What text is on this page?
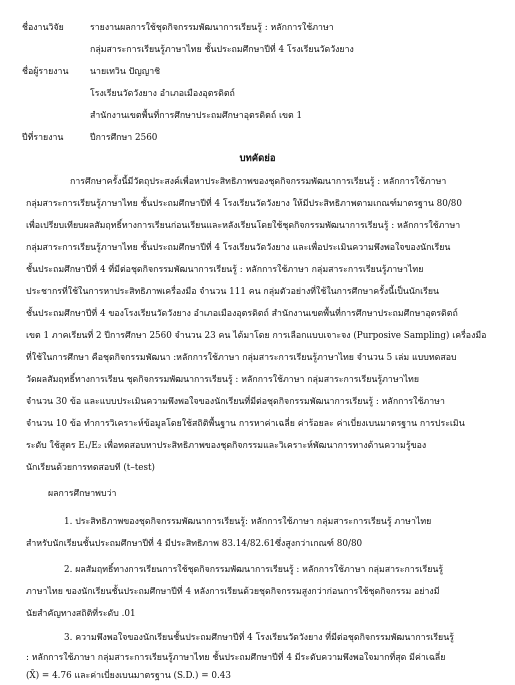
ชื่องานวิจัย	รายงานผลการใช้ชุดกิจกรรมพัฒนาการเรียนรู้ : หลักการใช้ภาษา
กลุ่มสาระการเรียนรู้ภาษาไทย ชั้นประถมศึกษาปีที่ 4 โรงเรียนวัดวังยาง
ชื่อผู้รายงาน นายเทวิน ปัญญาชิ
โรงเรียนวัดวังยาง อำเภอเมืองอุตรดิตถ์
สำนักงานเขตพื้นที่การศึกษาประถมศึกษาอุตรดิตถ์ เขต 1
ปีที่รายงาน	ปีการศึกษา 2560
บทคัดย่อ
การศึกษาครั้งนี้มีวัตถุประสงค์เพื่อหาประสิทธิภาพของชุดกิจกรรมพัฒนาการเรียนรู้ : หลักการใช้ภาษา
กลุ่มสาระการเรียนรู้ภาษาไทย ชั้นประถมศึกษาปีที่ 4 โรงเรียนวัดวังยาง ให้มีประสิทธิภาพตามเกณฑ์มาตรฐาน 80/80
เพื่อเปรียบเทียบผลสัมฤทธิ์ทางการเรียนก่อนเรียนและหลังเรียนโดยใช้ชุดกิจกรรมพัฒนาการเรียนรู้ : หลักการใช้ภาษา
กลุ่มสาระการเรียนรู้ภาษาไทย ชั้นประถมศึกษาปีที่ 4 โรงเรียนวัดวังยาง และเพื่อประเมินความพึงพอใจของนักเรียน
ชั้นประถมศึกษาปีที่ 4 ที่มีต่อชุดกิจกรรมพัฒนาการเรียนรู้ : หลักการใช้ภาษา กลุ่มสาระการเรียนรู้ภาษาไทย
ประชากรที่ใช้ในการหาประสิทธิภาพเครื่องมือ จำนวน 111 คน กลุ่มตัวอย่างที่ใช้ในการศึกษาครั้งนี้เป็นนักเรียน
ชั้นประถมศึกษาปีที่ 4 ของโรงเรียนวัดวังยาง อำเภอเมืองอุตรดิตถ์ สำนักงานเขตพื้นที่การศึกษาประถมศึกษาอุตรดิตถ์
เขต 1 ภาคเรียนที่ 2 ปีการศึกษา 2560 จำนวน 23 คน ได้มาโดย การเลือกแบบเจาะจง (Purposive Sampling) เครื่องมือ
ที่ใช้ในการศึกษา คือชุดกิจกรรมพัฒนา :หลักการใช้ภาษา กลุ่มสาระการเรียนรู้ภาษาไทย จำนวน 5 เล่ม แบบทดสอบ
วัดผลสัมฤทธิ์ทางการเรียน ชุดกิจกรรมพัฒนาการเรียนรู้ : หลักการใช้ภาษา กลุ่มสาระการเรียนรู้ภาษาไทย
จำนวน 30 ข้อ และแบบประเมินความพึงพอใจของนักเรียนที่มีต่อชุดกิจกรรมพัฒนาการเรียนรู้ : หลักการใช้ภาษา
จำนวน 10 ข้อ ทำการวิเคราะห์ข้อมูลโดยใช้สถิติพื้นฐาน การหาค่าเฉลี่ย ค่าร้อยละ ค่าเบี่ยงเบนมาตรฐาน การประเมิน
ระดับ ใช้สูตร E₁/E₂ เพื่อทดสอบหาประสิทธิภาพของชุดกิจกรรมและวิเคราะห์พัฒนาการทางด้านความรู้ของ
นักเรียนด้วยการทดสอบที (t–test)
ผลการศึกษาพบว่า
1. ประสิทธิภาพของชุดกิจกรรมพัฒนาการเรียนรู้: หลักการใช้ภาษา กลุ่มสาระการเรียนรู้ ภาษาไทย
สำหรับนักเรียนชั้นประถมศึกษาปีที่ 4 มีประสิทธิภาพ 83.14/82.61ซึ่งสูงกว่าเกณฑ์ 80/80
2. ผลสัมฤทธิ์ทางการเรียนการใช้ชุดกิจกรรมพัฒนาการเรียนรู้ : หลักการใช้ภาษา กลุ่มสาระการเรียนรู้
ภาษาไทย ของนักเรียนชั้นประถมศึกษาปีที่ 4 หลังการเรียนด้วยชุดกิจกรรมสูงกว่าก่อนการใช้ชุดกิจกรรม อย่างมี
นัยสำคัญทางสถิติที่ระดับ .01
3. ความพึงพอใจของนักเรียนชั้นประถมศึกษาปีที่ 4 โรงเรียนวัดวังยาง ที่มีต่อชุดกิจกรรมพัฒนาการเรียนรู้
: หลักการใช้ภาษา กลุ่มสาระการเรียนรู้ภาษาไทย ชั้นประถมศึกษาปีที่ 4 มีระดับความพึงพอใจมากที่สุด มีค่าเฉลี่ย
(X̄) = 4.76 และค่าเบี่ยงเบนมาตรฐาน (S.D.) = 0.43
